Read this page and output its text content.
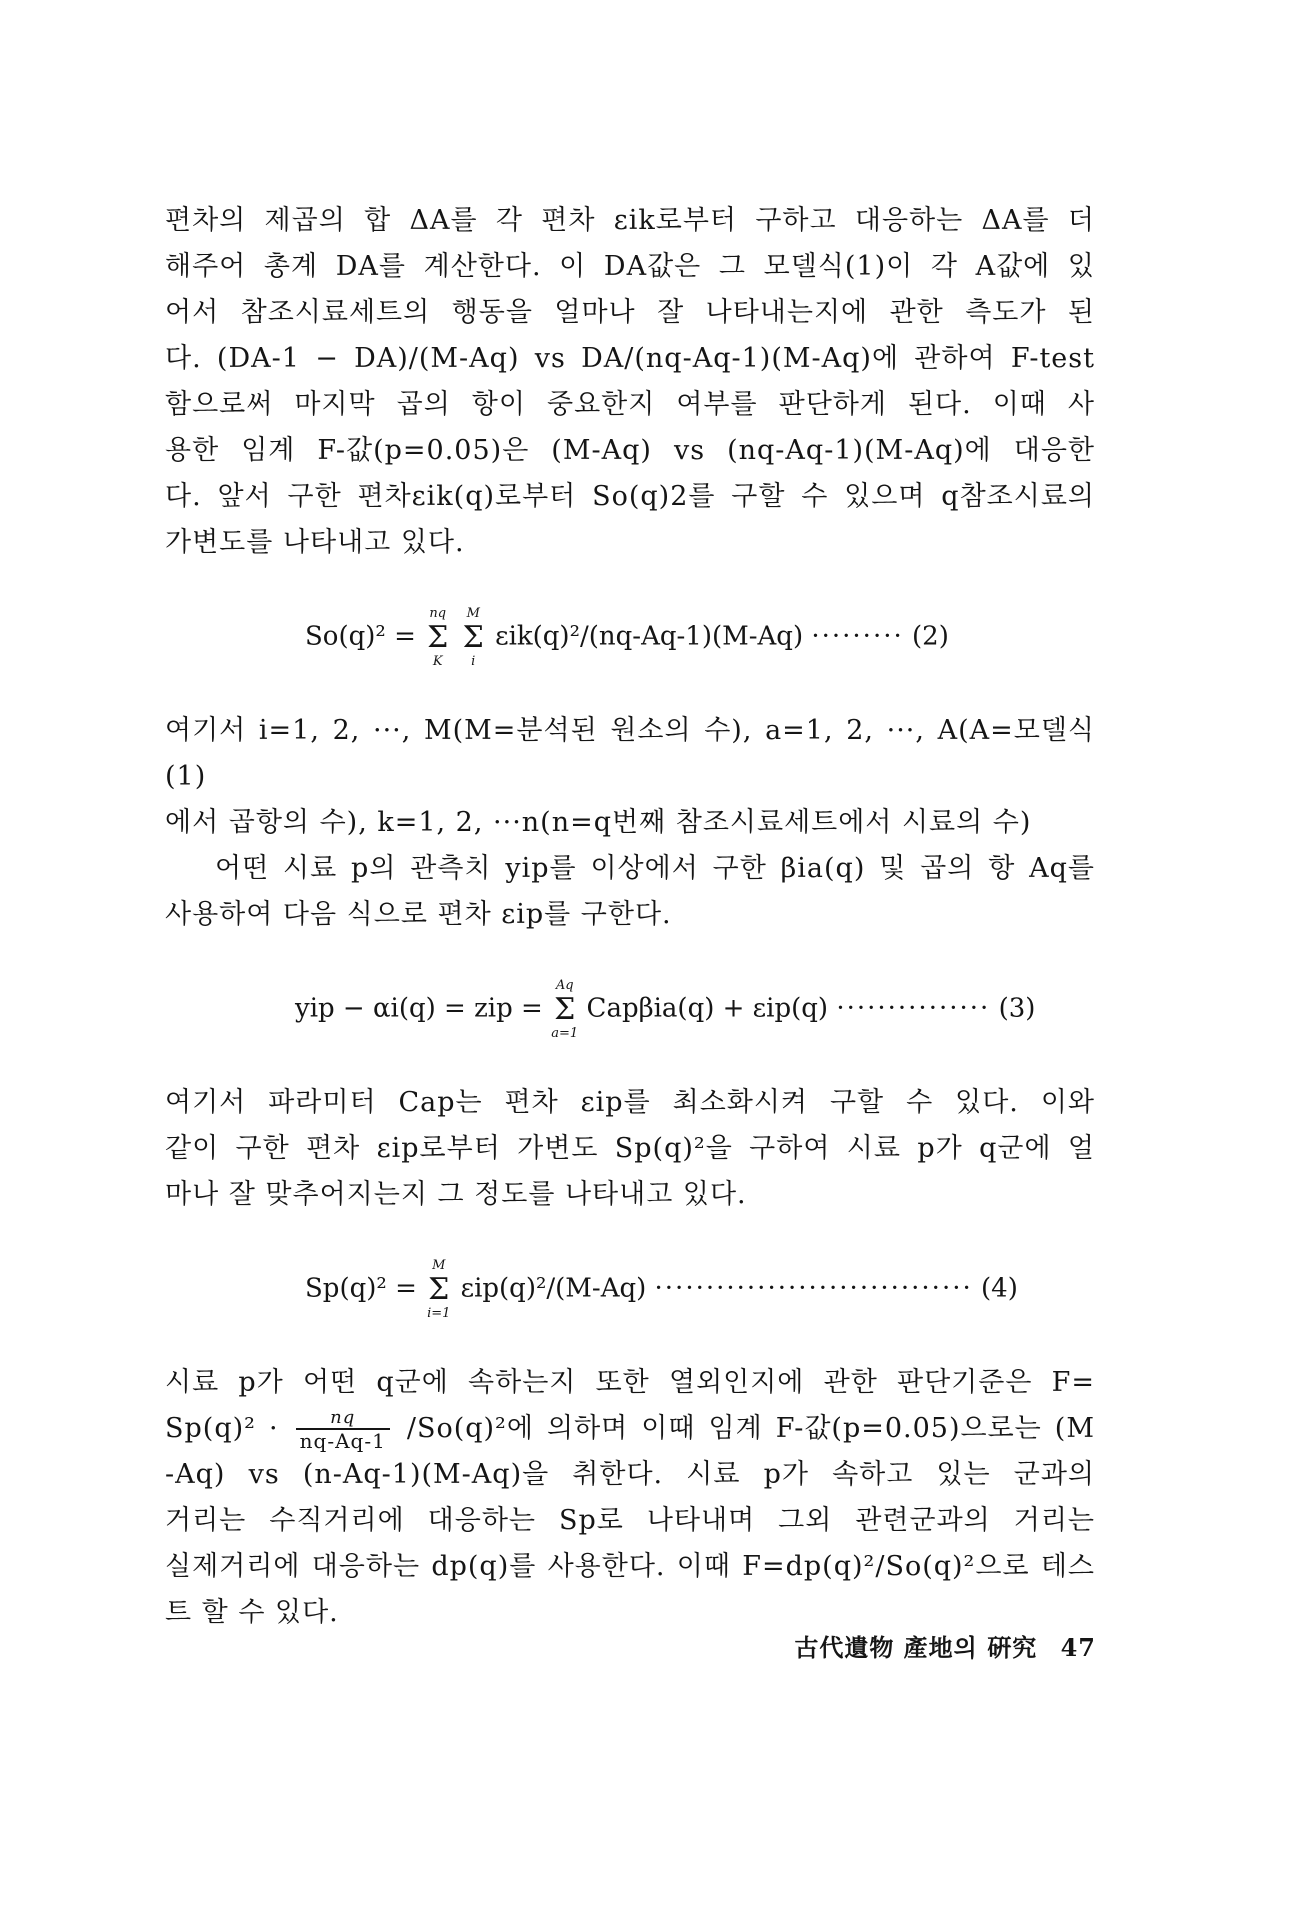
편차의 제곱의 합 ΔA를 각 편차 εik로부터 구하고 대응하는 ΔA를 더
해주어 총계 DA를 계산한다. 이 DA값은 그 모델식(1)이 각 A값에 있
어서 참조시료세트의 행동을 얼마나 잘 나타내는지에 관한 측도가 된
다. (DA-1 − DA)/(M-Aq) vs DA/(nq-Aq-1)(M-Aq)에 관하여 F-test
함으로써 마지막 곱의 항이 중요한지 여부를 판단하게 된다. 이때 사
용한 임계 F-값(p=0.05)은 (M-Aq) vs (nq-Aq-1)(M-Aq)에 대응한
다. 앞서 구한 편차εik(q)로부터 So(q)2를 구할 수 있으며 q참조시료의
가변도를 나타내고 있다.

So(q)² = Σ
nq
K
Σ
M
i
εik(q)²/(nq-Aq-1)(M-Aq) ········· (2)

여기서 i=1, 2, ···, M(M=분석된 원소의 수), a=1, 2, ···, A(A=모델식(1)
에서 곱항의 수), k=1, 2, ···n(n=q번째 참조시료세트에서 시료의 수)

어떤 시료 p의 관측치 yip를 이상에서 구한 βia(q) 및 곱의 항 Aq를
사용하여 다음 식으로 편차 εip를 구한다.

yip − αi(q) = zip = Σ
Aq
a=1
Capβia(q) + εip(q) ··············· (3)

여기서 파라미터 Cap는 편차 εip를 최소화시켜 구할 수 있다. 이와
같이 구한 편차 εip로부터 가변도 Sp(q)²을 구하여 시료 p가 q군에 얼
마나 잘 맞추어지는지 그 정도를 나타내고 있다.

Sp(q)² = Σ
M
i=1
εip(q)²/(M-Aq) ······························· (4)

시료 p가 어떤 q군에 속하는지 또한 열외인지에 관한 판단기준은 F=
$Sp(q)^2 \cdot \frac{nq}{nq-Aq-1} /So(q)^2$에 의하며 이때 임계 F-값(p=0.05)으로는 (M
-Aq) vs (n-Aq-1)(M-Aq)을 취한다. 시료 p가 속하고 있는 군과의
거리는 수직거리에 대응하는 Sp로 나타내며 그외 관련군과의 거리는
실제거리에 대응하는 dp(q)를 사용한다. 이때 F=dp(q)²/So(q)²으로 테스
트 할 수 있다.

古代遺物 產地의 硏究 47
